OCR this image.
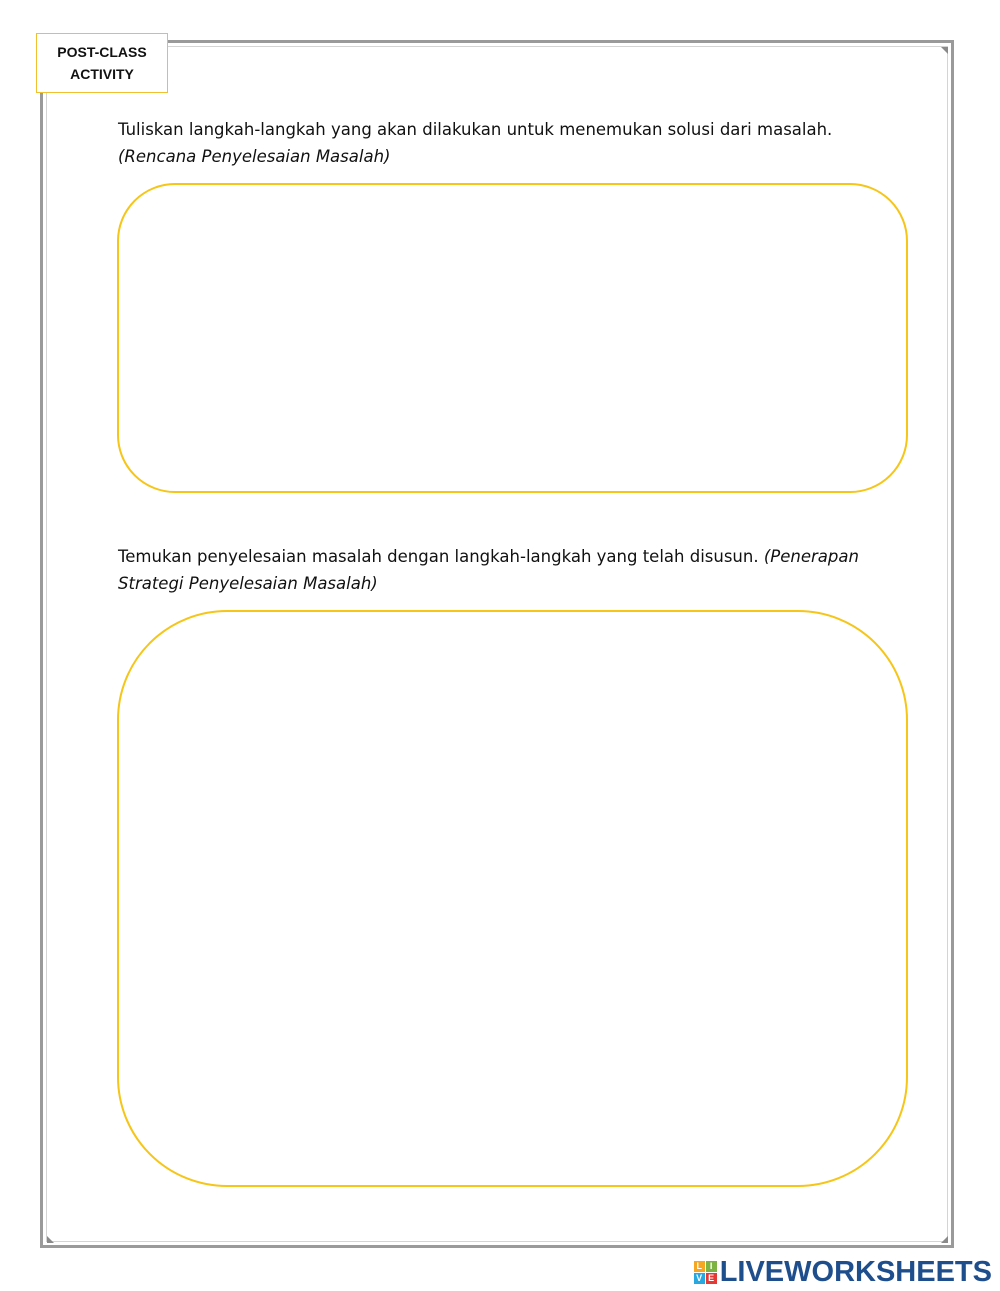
POST-CLASS
ACTIVITY
Tuliskan langkah-langkah yang akan dilakukan untuk menemukan solusi dari masalah.
(Rencana Penyelesaian Masalah)
Temukan penyelesaian masalah dengan langkah-langkah yang telah disusun. (Penerapan Strategi Penyelesaian Masalah)
L I
V E LIVEWORKSHEETS
